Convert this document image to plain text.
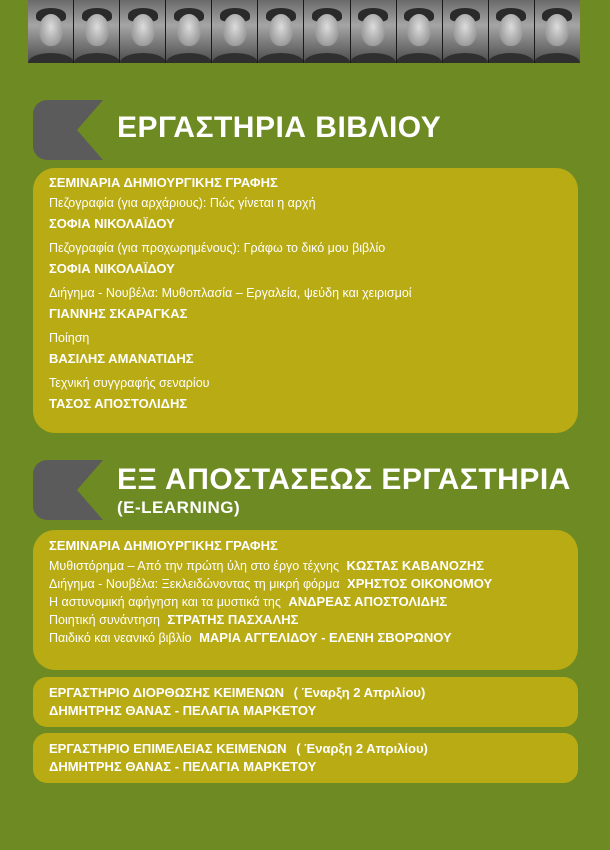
ΕΡΓΑΣΤΗΡΙΑ ΒΙΒΛΙΟΥ
ΣΕΜΙΝΑΡΙΑ ΔΗΜΙΟΥΡΓΙΚΗΣ ΓΡΑΦΗΣ
Πεζογραφία (για αρχάριους): Πώς γίνεται η αρχή
ΣΟΦΙΑ ΝΙΚΟΛΑΪΔΟΥ
Πεζογραφία (για προχωρημένους): Γράφω το δικό μου βιβλίο
ΣΟΦΙΑ ΝΙΚΟΛΑΪΔΟΥ
Διήγημα - Νουβέλα: Μυθοπλασία – Εργαλεία, ψεύδη και χειρισμοί
ΓΙΑΝΝΗΣ ΣΚΑΡΑΓΚΑΣ
Ποίηση
ΒΑΣΙΛΗΣ ΑΜΑΝΑΤΙΔΗΣ
Τεχνική συγγραφής σεναρίου
ΤΑΣΟΣ ΑΠΟΣΤΟΛΙΔΗΣ
ΕΞ ΑΠΟΣΤΑΣΕΩΣ ΕΡΓΑΣΤΗΡΙΑ
(E-LEARNING)
ΣΕΜΙΝΑΡΙΑ ΔΗΜΙΟΥΡΓΙΚΗΣ ΓΡΑΦΗΣ
Μυθιστόρημα – Από την πρώτη ύλη στο έργο τέχνης ΚΩΣΤΑΣ ΚΑΒΑΝΟΖΗΣ
Διήγημα - Νουβέλα: Ξεκλειδώνοντας τη μικρή φόρμα ΧΡΗΣΤΟΣ ΟΙΚΟΝΟΜΟΥ
Η αστυνομική αφήγηση και τα μυστικά της ΑΝΔΡΕΑΣ ΑΠΟΣΤΟΛΙΔΗΣ
Ποιητική συνάντηση ΣΤΡΑΤΗΣ ΠΑΣΧΑΛΗΣ
Παιδικό και νεανικό βιβλίο ΜΑΡΙΑ ΑΓΓΕΛΙΔΟΥ - ΕΛΕΝΗ ΣΒΟΡΩΝΟΥ
ΕΡΓΑΣΤΗΡΙΟ ΔΙΟΡΘΩΣΗΣ ΚΕΙΜΕΝΩΝ ( Έναρξη 2 Απριλίου)
ΔΗΜΗΤΡΗΣ ΘΑΝΑΣ - ΠΕΛΑΓΙΑ ΜΑΡΚΕΤΟΥ
ΕΡΓΑΣΤΗΡΙΟ ΕΠΙΜΕΛΕΙΑΣ ΚΕΙΜΕΝΩΝ ( Έναρξη 2 Απριλίου)
ΔΗΜΗΤΡΗΣ ΘΑΝΑΣ - ΠΕΛΑΓΙΑ ΜΑΡΚΕΤΟΥ
